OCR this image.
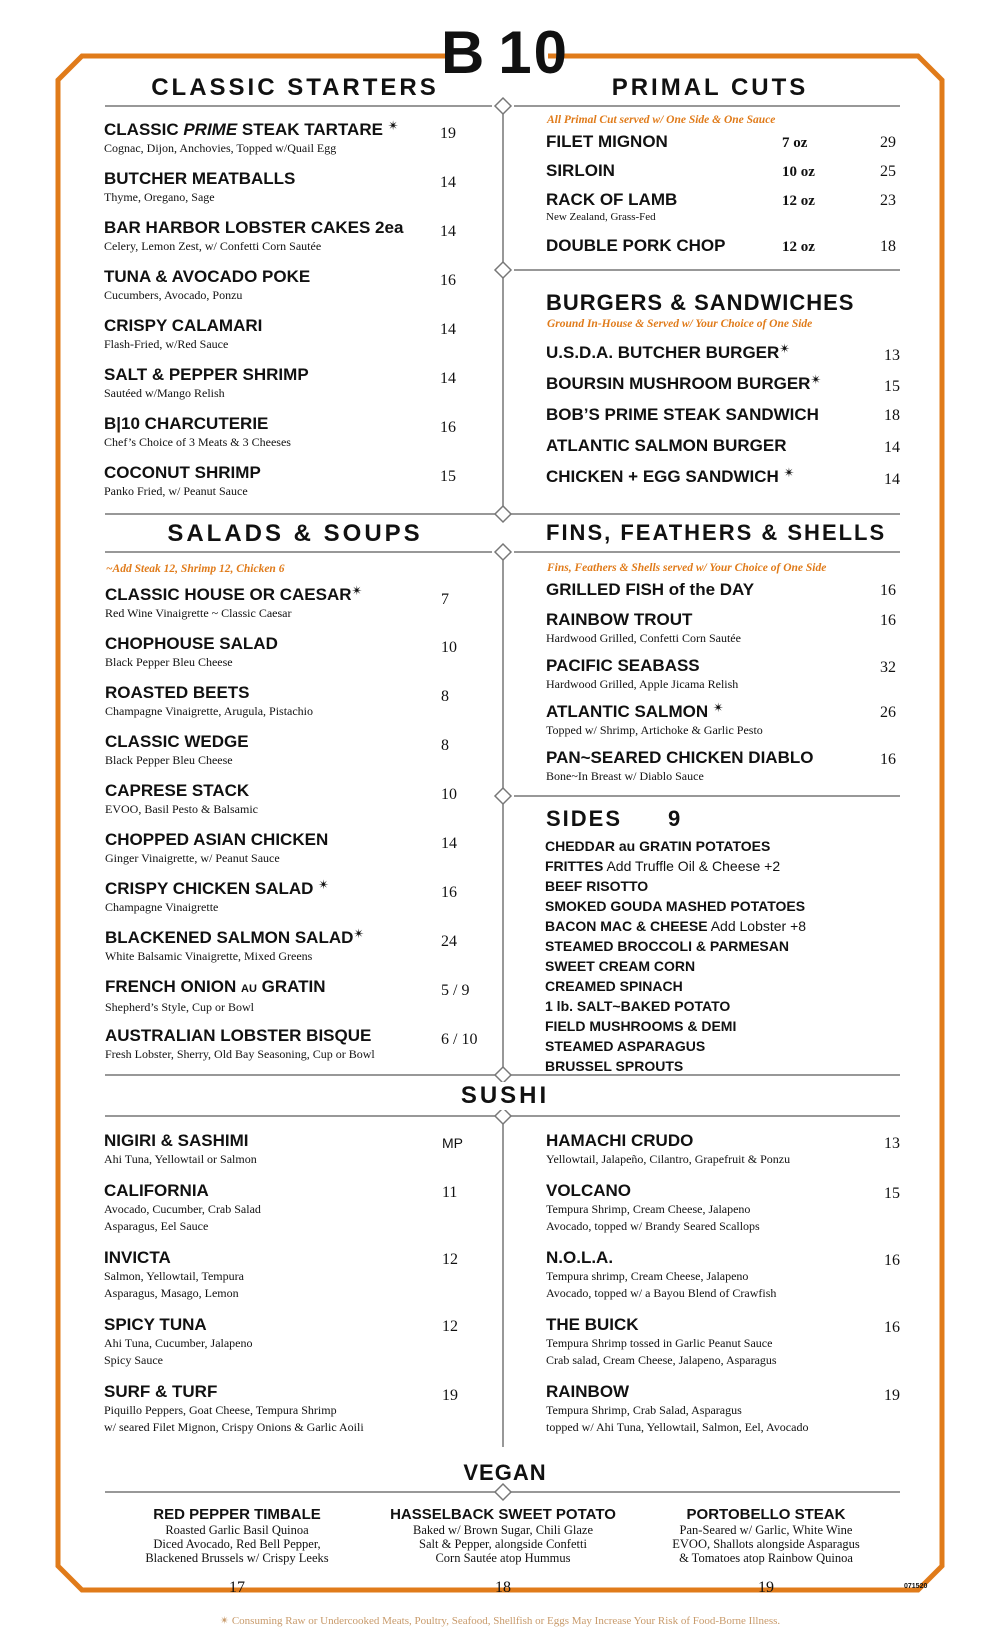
B 10
CLASSIC STARTERS
CLASSIC PRIME STEAK TARTARE ✴
Cognac, Dijon, Anchovies, Topped w/Quail Egg
19
BUTCHER MEATBALLS
Thyme, Oregano, Sage
14
BAR HARBOR LOBSTER CAKES 2ea
Celery, Lemon Zest, w/ Confetti Corn Sautée
14
TUNA & AVOCADO POKE
Cucumbers, Avocado, Ponzu
16
CRISPY CALAMARI
Flash-Fried, w/Red Sauce
14
SALT & PEPPER SHRIMP
Sautéed w/Mango Relish
14
B|10 CHARCUTERIE
Chef’s Choice of 3 Meats & 3 Cheeses
16
COCONUT SHRIMP
Panko Fried, w/ Peanut Sauce
15
PRIMAL CUTS
All Primal Cut served w/ One Side & One Sauce
FILET MIGNON	7 oz	29
SIRLOIN	10 oz	25
RACK OF LAMB
New Zealand, Grass-Fed
12 oz	23
DOUBLE PORK CHOP	12 oz	18
BURGERS & SANDWICHES
Ground In-House & Served w/ Your Choice of One Side
U.S.D.A. BUTCHER BURGER✴	13
BOURSIN MUSHROOM BURGER✴	15
BOB’S PRIME STEAK SANDWICH	18
ATLANTIC SALMON BURGER	14
CHICKEN + EGG SANDWICH ✴	14
SALADS & SOUPS
~Add Steak 12, Shrimp 12, Chicken 6
CLASSIC HOUSE OR CAESAR✴
Red Wine Vinaigrette ~ Classic Caesar
7
CHOPHOUSE SALAD
Black Pepper Bleu Cheese
10
ROASTED BEETS
Champagne Vinaigrette, Arugula, Pistachio
8
CLASSIC WEDGE
Black Pepper Bleu Cheese
8
CAPRESE STACK
EVOO, Basil Pesto & Balsamic
10
CHOPPED ASIAN CHICKEN
Ginger Vinaigrette, w/ Peanut Sauce
14
CRISPY CHICKEN SALAD ✴
Champagne Vinaigrette
16
BLACKENED SALMON SALAD✴
White Balsamic Vinaigrette, Mixed Greens
24
FRENCH ONION AU GRATIN
Shepherd’s Style, Cup or Bowl
5 / 9
AUSTRALIAN LOBSTER BISQUE
Fresh Lobster, Sherry, Old Bay Seasoning, Cup or Bowl
6 / 10
FINS, FEATHERS & SHELLS
Fins, Feathers & Shells served w/ Your Choice of One Side
GRILLED FISH of the DAY	16
RAINBOW TROUT
Hardwood Grilled, Confetti Corn Sautée
16
PACIFIC SEABASS
Hardwood Grilled, Apple Jicama Relish
32
ATLANTIC SALMON ✴
Topped w/ Shrimp, Artichoke & Garlic Pesto
26
PAN~SEARED CHICKEN DIABLO
Bone~In Breast w/ Diablo Sauce
16
SIDES 9
CHEDDAR au GRATIN POTATOES
FRITTES Add Truffle Oil & Cheese +2
BEEF RISOTTO
SMOKED GOUDA MASHED POTATOES
BACON MAC & CHEESE Add Lobster +8
STEAMED BROCCOLI & PARMESAN
SWEET CREAM CORN
CREAMED SPINACH
1 lb. SALT~BAKED POTATO
FIELD MUSHROOMS & DEMI
STEAMED ASPARAGUS
BRUSSEL SPROUTS
SUSHI
NIGIRI & SASHIMI
Ahi Tuna, Yellowtail or Salmon
MP
CALIFORNIA
Avocado, Cucumber, Crab Salad
Asparagus, Eel Sauce
11
INVICTA
Salmon, Yellowtail, Tempura
Asparagus, Masago, Lemon
12
SPICY TUNA
Ahi Tuna, Cucumber, Jalapeno
Spicy Sauce
12
SURF & TURF
Piquillo Peppers, Goat Cheese, Tempura Shrimp
w/ seared Filet Mignon, Crispy Onions & Garlic Aoili
19
HAMACHI CRUDO
Yellowtail, Jalapeño, Cilantro, Grapefruit & Ponzu
13
VOLCANO
Tempura Shrimp, Cream Cheese, Jalapeno
Avocado, topped w/ Brandy Seared Scallops
15
N.O.L.A.
Tempura shrimp, Cream Cheese, Jalapeno
Avocado, topped w/ a Bayou Blend of Crawfish
16
THE BUICK
Tempura Shrimp tossed in Garlic Peanut Sauce
Crab salad, Cream Cheese, Jalapeno, Asparagus
16
RAINBOW
Tempura Shrimp, Crab Salad, Asparagus
topped w/ Ahi Tuna, Yellowtail, Salmon, Eel, Avocado
19
VEGAN
RED PEPPER TIMBALE
Roasted Garlic Basil Quinoa
Diced Avocado, Red Bell Pepper,
Blackened Brussels w/ Crispy Leeks
17
HASSELBACK SWEET POTATO
Baked w/ Brown Sugar, Chili Glaze
Salt & Pepper, alongside Confetti
Corn Sautée atop Hummus
18
PORTOBELLO STEAK
Pan-Seared w/ Garlic, White Wine
EVOO, Shallots alongside Asparagus
& Tomatoes atop Rainbow Quinoa
19	071520
✴ Consuming Raw or Undercooked Meats, Poultry, Seafood, Shellfish or Eggs May Increase Your Risk of Food-Borne Illness.
